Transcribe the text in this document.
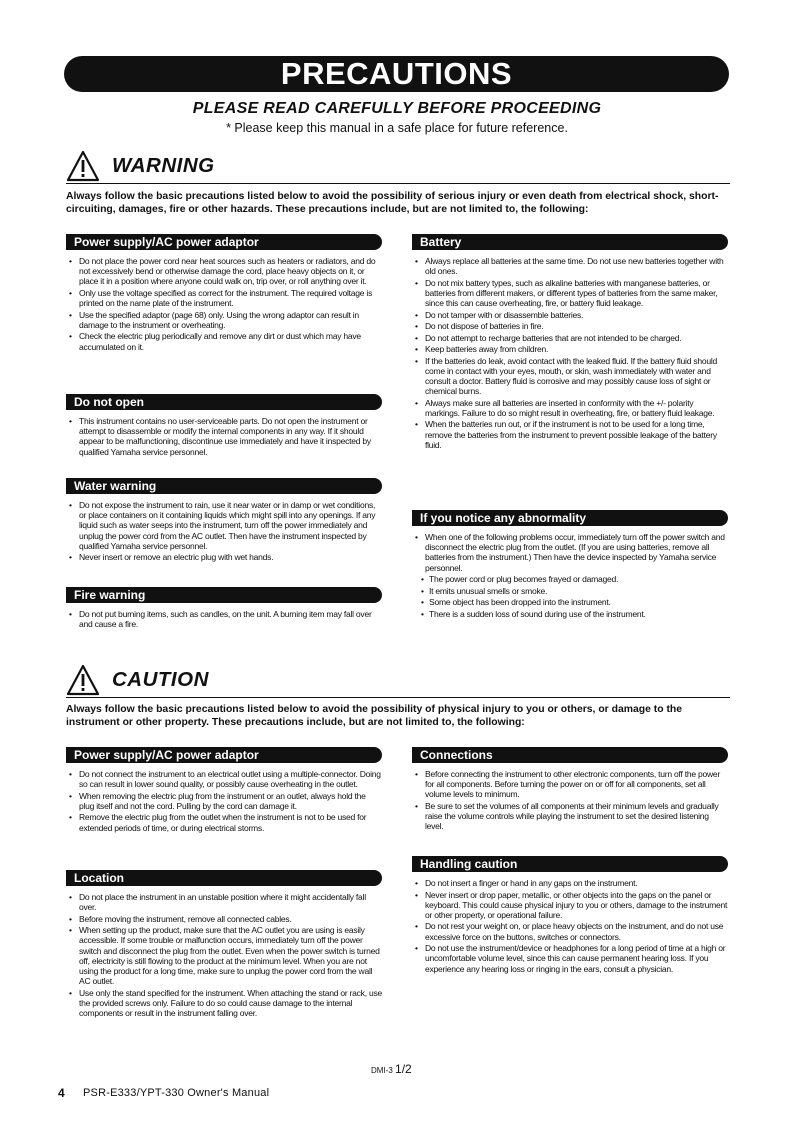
PRECAUTIONS
PLEASE READ CAREFULLY BEFORE PROCEEDING
* Please keep this manual in a safe place for future reference.
WARNING
Always follow the basic precautions listed below to avoid the possibility of serious injury or even death from electrical shock, short-circuiting, damages, fire or other hazards. These precautions include, but are not limited to, the following:
Power supply/AC power adaptor
• Do not place the power cord near heat sources such as heaters or radiators, and do not excessively bend or otherwise damage the cord, place heavy objects on it, or place it in a position where anyone could walk on, trip over, or roll anything over it.
• Only use the voltage specified as correct for the instrument. The required voltage is printed on the name plate of the instrument.
• Use the specified adaptor (page 68) only. Using the wrong adaptor can result in damage to the instrument or overheating.
• Check the electric plug periodically and remove any dirt or dust which may have accumulated on it.
Do not open
• This instrument contains no user-serviceable parts. Do not open the instrument or attempt to disassemble or modify the internal components in any way. If it should appear to be malfunctioning, discontinue use immediately and have it inspected by qualified Yamaha service personnel.
Water warning
• Do not expose the instrument to rain, use it near water or in damp or wet conditions, or place containers on it containing liquids which might spill into any openings. If any liquid such as water seeps into the instrument, turn off the power immediately and unplug the power cord from the AC outlet. Then have the instrument inspected by qualified Yamaha service personnel.
• Never insert or remove an electric plug with wet hands.
Fire warning
• Do not put burning items, such as candles, on the unit. A burning item may fall over and cause a fire.
Battery
• Always replace all batteries at the same time. Do not use new batteries together with old ones.
• Do not mix battery types, such as alkaline batteries with manganese batteries, or batteries from different makers, or different types of batteries from the same maker, since this can cause overheating, fire, or battery fluid leakage.
• Do not tamper with or disassemble batteries.
• Do not dispose of batteries in fire.
• Do not attempt to recharge batteries that are not intended to be charged.
• Keep batteries away from children.
• If the batteries do leak, avoid contact with the leaked fluid. If the battery fluid should come in contact with your eyes, mouth, or skin, wash immediately with water and consult a doctor. Battery fluid is corrosive and may possibly cause loss of sight or chemical burns.
• Always make sure all batteries are inserted in conformity with the +/- polarity markings. Failure to do so might result in overheating, fire, or battery fluid leakage.
• When the batteries run out, or if the instrument is not to be used for a long time, remove the batteries from the instrument to prevent possible leakage of the battery fluid.
If you notice any abnormality
• When one of the following problems occur, immediately turn off the power switch and disconnect the electric plug from the outlet. (If you are using batteries, remove all batteries from the instrument.) Then have the device inspected by Yamaha service personnel.
• The power cord or plug becomes frayed or damaged.
• It emits unusual smells or smoke.
• Some object has been dropped into the instrument.
• There is a sudden loss of sound during use of the instrument.
CAUTION
Always follow the basic precautions listed below to avoid the possibility of physical injury to you or others, or damage to the instrument or other property. These precautions include, but are not limited to, the following:
Power supply/AC power adaptor
• Do not connect the instrument to an electrical outlet using a multiple-connector. Doing so can result in lower sound quality, or possibly cause overheating in the outlet.
• When removing the electric plug from the instrument or an outlet, always hold the plug itself and not the cord. Pulling by the cord can damage it.
• Remove the electric plug from the outlet when the instrument is not to be used for extended periods of time, or during electrical storms.
Location
• Do not place the instrument in an unstable position where it might accidentally fall over.
• Before moving the instrument, remove all connected cables.
• When setting up the product, make sure that the AC outlet you are using is easily accessible. If some trouble or malfunction occurs, immediately turn off the power switch and disconnect the plug from the outlet. Even when the power switch is turned off, electricity is still flowing to the product at the minimum level. When you are not using the product for a long time, make sure to unplug the power cord from the wall AC outlet.
• Use only the stand specified for the instrument. When attaching the stand or rack, use the provided screws only. Failure to do so could cause damage to the internal components or result in the instrument falling over.
Connections
• Before connecting the instrument to other electronic components, turn off the power for all components. Before turning the power on or off for all components, set all volume levels to minimum.
• Be sure to set the volumes of all components at their minimum levels and gradually raise the volume controls while playing the instrument to set the desired listening level.
Handling caution
• Do not insert a finger or hand in any gaps on the instrument.
• Never insert or drop paper, metallic, or other objects into the gaps on the panel or keyboard. This could cause physical injury to you or others, damage to the instrument or other property, or operational failure.
• Do not rest your weight on, or place heavy objects on the instrument, and do not use excessive force on the buttons, switches or connectors.
• Do not use the instrument/device or headphones for a long period of time at a high or uncomfortable volume level, since this can cause permanent hearing loss. If you experience any hearing loss or ringing in the ears, consult a physician.
DMI-3 1/2
4 PSR-E333/YPT-330 Owner's Manual
